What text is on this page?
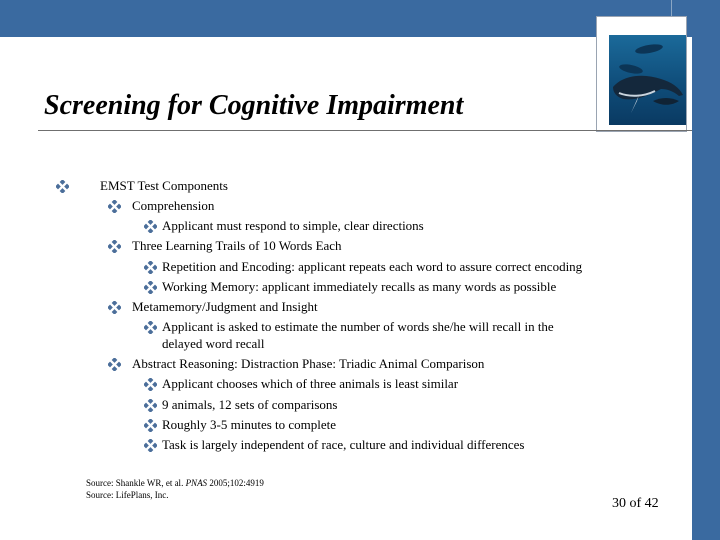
Screening for Cognitive Impairment
EMST Test Components
Comprehension
Applicant must respond to simple, clear directions
Three Learning Trails of 10 Words Each
Repetition and Encoding: applicant repeats each word to assure correct encoding
Working Memory: applicant immediately recalls as many words as possible
Metamemory/Judgment and Insight
Applicant is asked to estimate the number of words she/he will recall in the
delayed word recall
Abstract Reasoning: Distraction Phase: Triadic Animal Comparison
Applicant chooses which of three animals is least similar
9 animals, 12 sets of comparisons
Roughly 3-5 minutes to complete
Task is largely independent of race, culture and individual differences
Source: Shankle WR, et al. PNAS 2005;102:4919
Source: LifePlans, Inc.
30 of 42
